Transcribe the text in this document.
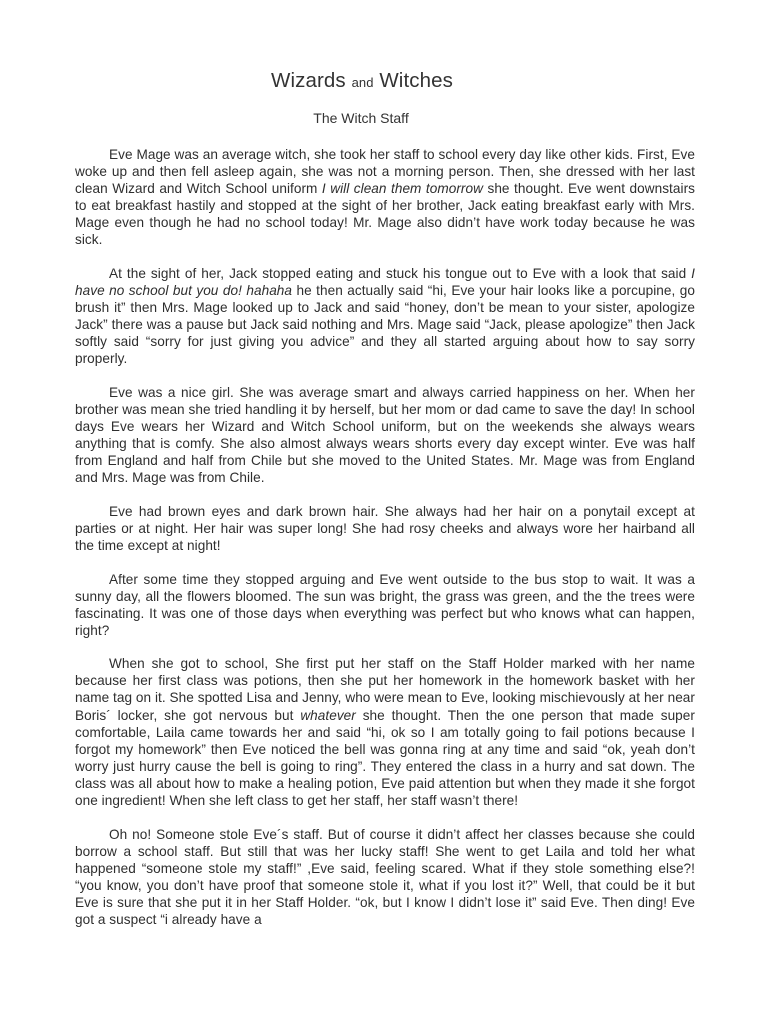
Wizards and Witches
The Witch Staff

Eve Mage was an average witch, she took her staff to school every day like other kids. First, Eve woke up and then fell asleep again, she was not a morning person. Then, she dressed with her last clean Wizard and Witch School uniform I will clean them tomorrow she thought. Eve went downstairs to eat breakfast hastily and stopped at the sight of her brother, Jack eating breakfast early with Mrs. Mage even though he had no school today! Mr. Mage also didn’t have work today because he was sick.

At the sight of her, Jack stopped eating and stuck his tongue out to Eve with a look that said I have no school but you do! hahaha he then actually said “hi, Eve your hair looks like a porcupine, go brush it” then Mrs. Mage looked up to Jack and said “honey, don’t be mean to your sister, apologize Jack” there was a pause but Jack said nothing and Mrs. Mage said “Jack, please apologize” then Jack softly said “sorry for just giving you advice” and they all started arguing about how to say sorry properly.

Eve was a nice girl. She was average smart and always carried happiness on her. When her brother was mean she tried handling it by herself, but her mom or dad came to save the day! In school days Eve wears her Wizard and Witch School uniform, but on the weekends she always wears anything that is comfy. She also almost always wears shorts every day except winter. Eve was half from England and half from Chile but she moved to the United States. Mr. Mage was from England and Mrs. Mage was from Chile.

Eve had brown eyes and dark brown hair. She always had her hair on a ponytail except at parties or at night. Her hair was super long! She had rosy cheeks and always wore her hairband all the time except at night!

After some time they stopped arguing and Eve went outside to the bus stop to wait. It was a sunny day, all the flowers bloomed. The sun was bright, the grass was green, and the the trees were fascinating. It was one of those days when everything was perfect but who knows what can happen, right?

When she got to school, She first put her staff on the Staff Holder marked with her name because her first class was potions, then she put her homework in the homework basket with her name tag on it. She spotted Lisa and Jenny, who were mean to Eve, looking mischievously at her near Boris´ locker, she got nervous but whatever she thought. Then the one person that made super comfortable, Laila came towards her and said “hi, ok so I am totally going to fail potions because I forgot my homework” then Eve noticed the bell was gonna ring at any time and said “ok, yeah don’t worry just hurry cause the bell is going to ring”. They entered the class in a hurry and sat down. The class was all about how to make a healing potion, Eve paid attention but when they made it she forgot one ingredient! When she left class to get her staff, her staff wasn’t there!

Oh no! Someone stole Eve´s staff. But of course it didn’t affect her classes because she could borrow a school staff. But still that was her lucky staff! She went to get Laila and told her what happened “someone stole my staff!” ,Eve said, feeling scared. What if they stole something else?! “you know, you don’t have proof that someone stole it, what if you lost it?” Well, that could be it but Eve is sure that she put it in her Staff Holder. “ok, but I know I didn’t lose it” said Eve. Then ding! Eve got a suspect “i already have a
